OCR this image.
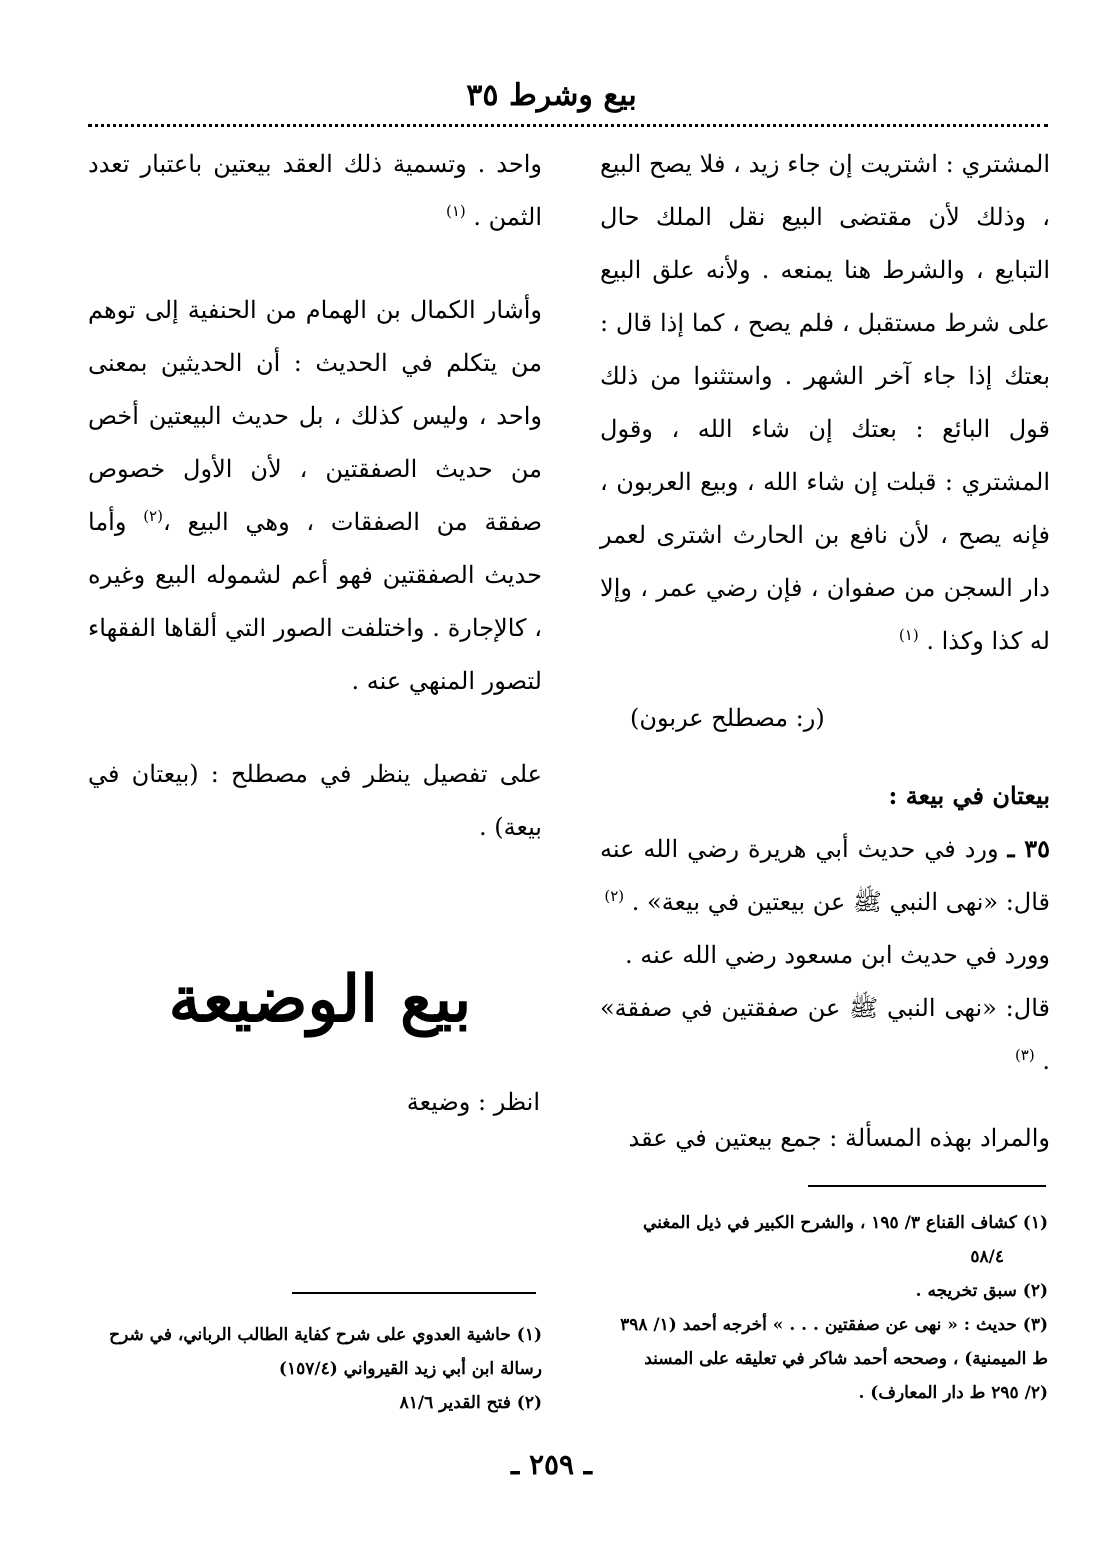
بيع وشرط ٣٥

المشتري : اشتريت إن جاء زيد ، فلا يصح البيع ، وذلك لأن مقتضى البيع نقل الملك حال التبايع ، والشرط هنا يمنعه . ولأنه علق البيع على شرط مستقبل ، فلم يصح ، كما إذا قال : بعتك إذا جاء آخر الشهر . واستثنوا من ذلك قول البائع : بعتك إن شاء الله ، وقول المشتري : قبلت إن شاء الله ، وبيع العربون ، فإنه يصح ، لأن نافع بن الحارث اشترى لعمر دار السجن من صفوان ، فإن رضي عمر ، وإلا له كذا وكذا . $^{(١)}$

(ر: مصطلح عربون)

بيعتان في بيعة :

٣٥ ـ ورد في حديث أبي هريرة رضي الله عنه قال: «نهى النبي ﷺ عن بيعتين في بيعة» . $^{(٢)}$

وورد في حديث ابن مسعود رضي الله عنه .

قال: «نهى النبي ﷺ عن صفقتين في صفقة» . $^{(٣)}$

والمراد بهذه المسألة : جمع بيعتين في عقد

واحد . وتسمية ذلك العقد بيعتين باعتبار تعدد الثمن . $^{(١)}$

وأشار الكمال بن الهمام من الحنفية إلى توهم من يتكلم في الحديث : أن الحديثين بمعنى واحد ، وليس كذلك ، بل حديث البيعتين أخص من حديث الصفقتين ، لأن الأول خصوص صفقة من الصفقات ، وهي البيع ،$^{(٢)}$ وأما حديث الصفقتين فهو أعم لشموله البيع وغيره ، كالإجارة . واختلفت الصور التي ألقاها الفقهاء لتصور المنهي عنه .

على تفصيل ينظر في مصطلح : (بيعتان في بيعة) .

بيع الوضيعة
انظر : وضيعة

(١) كشاف القناع ٣/ ١٩٥ ، والشرح الكبير في ذيل المغني

٥٨/٤

(٢) سبق تخريجه .

(٣) حديث : « نهى عن صفقتين . . . » أخرجه أحمد (١/ ٣٩٨

ط الميمنية) ، وصححه أحمد شاكر في تعليقه على المسند

(٢/ ٢٩٥ ط دار المعارف) .

(١) حاشية العدوي على شرح كفاية الطالب الرباني، في شرح

رسالة ابن أبي زيد القيرواني (١٥٧/٤)

(٢) فتح القدير ٨١/٦

ـ ٢٥٩ ـ
